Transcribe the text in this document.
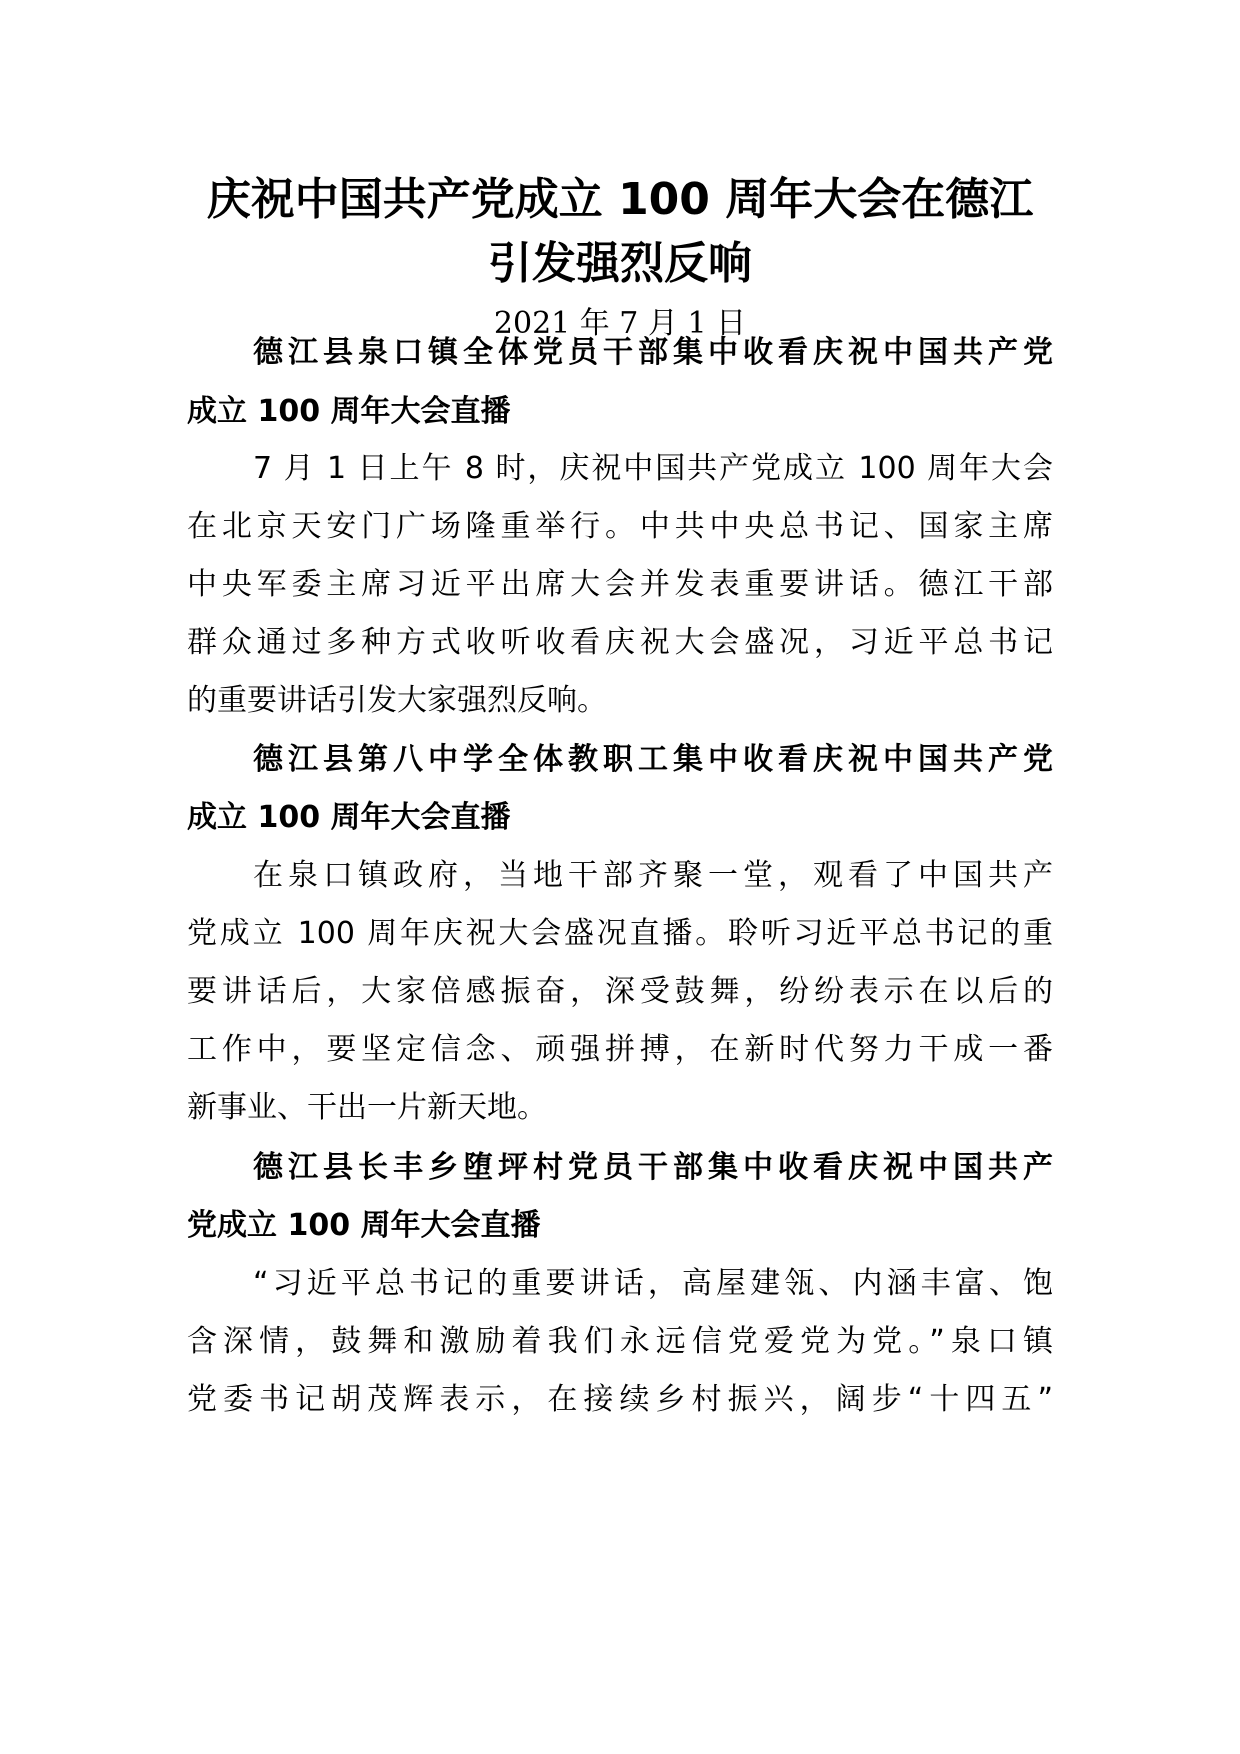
庆祝中国共产党成立 100 周年大会在德江
引发强烈反响
2021 年 7 月 1 日
德江县泉口镇全体党员干部集中收看庆祝中国共产党
成立 100 周年大会直播
7 月 1 日上午 8 时，庆祝中国共产党成立 100 周年大会
在北京天安门广场隆重举行。中共中央总书记、国家主席
中央军委主席习近平出席大会并发表重要讲话。德江干部
群众通过多种方式收听收看庆祝大会盛况，习近平总书记
的重要讲话引发大家强烈反响。
德江县第八中学全体教职工集中收看庆祝中国共产党
成立 100 周年大会直播
在泉口镇政府，当地干部齐聚一堂，观看了中国共产
党成立 100 周年庆祝大会盛况直播。聆听习近平总书记的重
要讲话后，大家倍感振奋，深受鼓舞，纷纷表示在以后的
工作中，要坚定信念、顽强拼搏，在新时代努力干成一番
新事业、干出一片新天地。
德江县长丰乡堕坪村党员干部集中收看庆祝中国共产
党成立 100 周年大会直播
“习近平总书记的重要讲话，高屋建瓴、内涵丰富、饱
含深情，鼓舞和激励着我们永远信党爱党为党。”泉口镇
党委书记胡茂辉表示，在接续乡村振兴，阔步“十四五”
